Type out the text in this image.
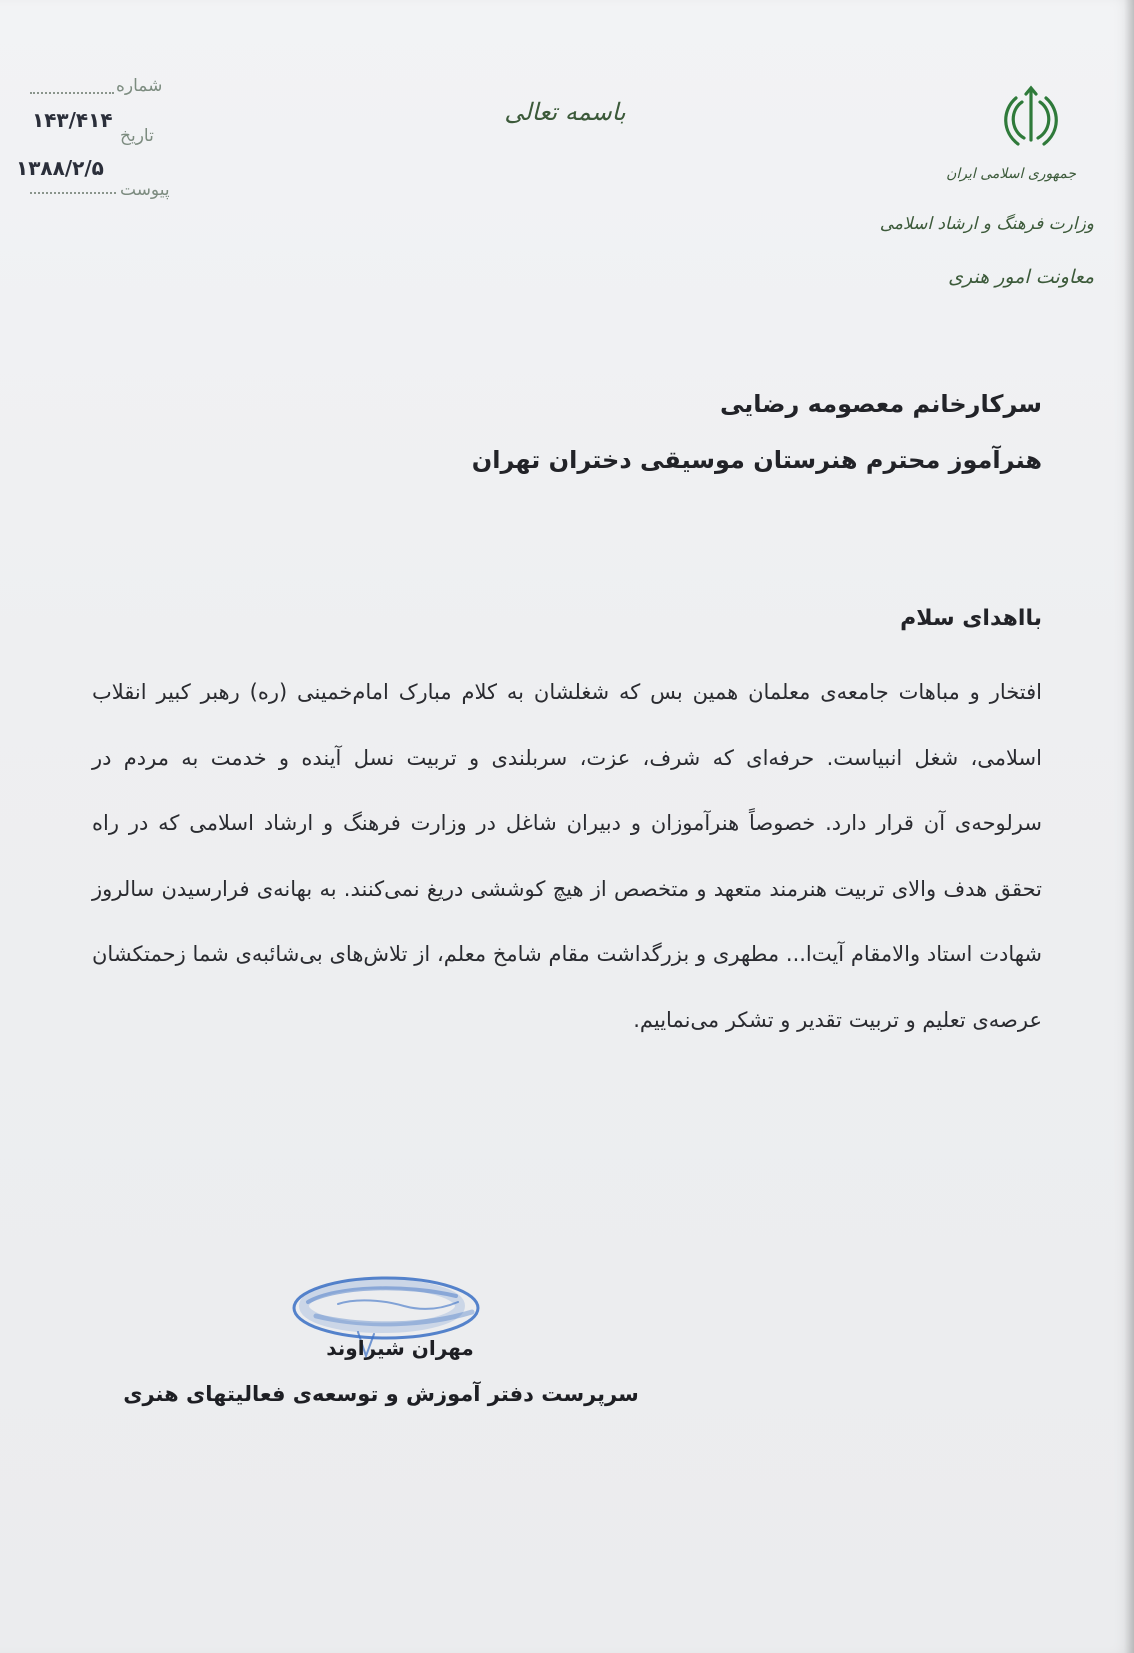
جمهوری اسلامی ایران
وزارت فرهنگ و ارشاد اسلامی
معاونت امور هنری
باسمه تعالی
شماره
۱۴۳/۴۱۴
تاریخ
۱۳۸۸/۲/۵
پیوست
سرکارخانم معصومه رضایی
هنرآموز محترم هنرستان موسیقی دختران تهران
بااهدای سلام
افتخار و مباهات جامعه‌ی معلمان همین بس که شغلشان به کلام مبارک امام‌خمینی (ره) رهبر کبیر انقلاب اسلامی، شغل انبیاست. حرفه‌ای که شرف، عزت، سربلندی و تربیت نسل آینده و خدمت به مردم در سرلوحه‌ی آن قرار دارد. خصوصاً هنرآموزان و دبیران شاغل در وزارت فرهنگ و ارشاد اسلامی که در راه تحقق هدف والای تربیت هنرمند متعهد و متخصص از هیچ کوششی دریغ نمی‌کنند. به بهانه‌ی فرارسیدن سالروز شهادت استاد والامقام آیت‌ا... مطهری و بزرگداشت مقام شامخ معلم، از تلاش‌های بی‌شائبه‌ی شما زحمتکشان عرصه‌ی تعلیم و تربیت تقدیر و تشکر می‌نماییم.
مهران شیراوند
سرپرست دفتر آموزش و توسعه‌ی فعالیتهای هنری
